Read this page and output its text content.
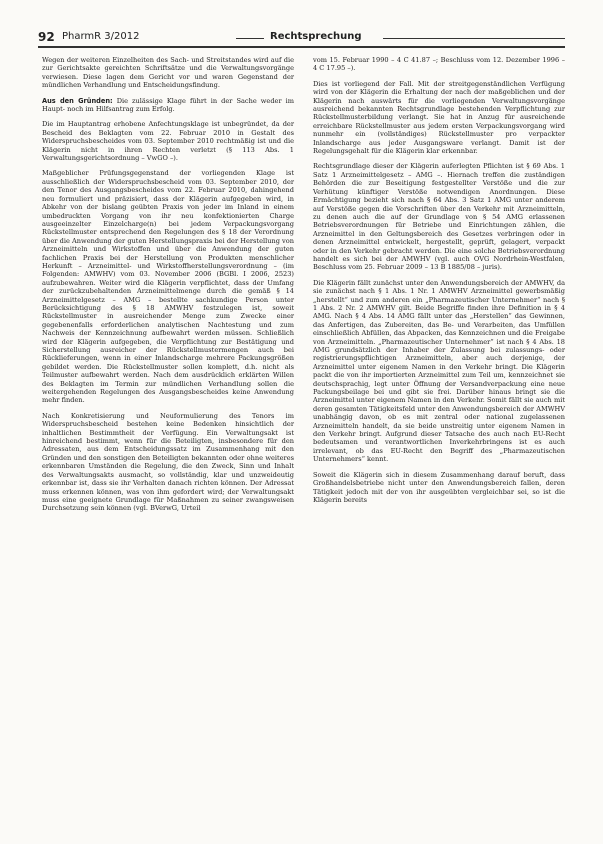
92 PharmR 3/2012	Rechtsprechung

Wegen der weiteren Einzelheiten des Sach- und Streitstandes wird auf die zur Gerichtsakte gereichten Schriftsätze und die Verwaltungsvorgänge verwiesen. Diese lagen dem Gericht vor und waren Gegenstand der mündlichen Verhandlung und Entscheidungsfindung.

Aus den Gründen: Die zulässige Klage führt in der Sache weder im Haupt- noch im Hilfsantrag zum Erfolg.

Die im Hauptantrag erhobene Anfechtungsklage ist unbegründet, da der Bescheid des Beklagten vom 22. Februar 2010 in Gestalt des Widerspruchsbescheides vom 03. September 2010 rechtmäßig ist und die Klägerin nicht in ihren Rechten verletzt (§ 113 Abs. 1 Verwaltungsgerichtsordnung – VwGO –).

Maßgeblicher Prüfungsgegenstand der vorliegenden Klage ist ausschließlich der Widerspruchsbescheid vom 03. September 2010, der den Tenor des Ausgangsbescheides vom 22. Februar 2010, dahingehend neu formuliert und präzisiert, dass der Klägerin aufgegeben wird, in Abkehr von der bislang geübten Praxis von jeder im Inland in einem umbedruckten Vorgang von ihr neu konfektionierten Charge ausgeeinzelter Einzelcharge(n) bei jedem Verpackungsvorgang Rückstellmuster entsprechend den Regelungen des § 18 der Verordnung über die Anwendung der guten Herstellungspraxis bei der Herstellung von Arzneimitteln und Wirkstoffen und über die Anwendung der guten fachlichen Praxis bei der Herstellung von Produkten menschlicher Herkunft – Arzneimittel- und Wirkstoffherstellungsverordnung – (im Folgenden: AMWHV) vom 03. November 2006 (BGBl. I 2006, 2523) aufzubewahren. Weiter wird die Klägerin verpflichtet, dass der Umfang der zurückzubehaltenden Arzneimittelmenge durch die gemäß § 14 Arzneimittelgesetz – AMG – bestellte sachkundige Person unter Berücksichtigung des § 18 AMWHV festzulegen ist, soweit Rückstellmuster in ausreichender Menge zum Zwecke einer gegebenenfalls erforderlichen analytischen Nachtestung und zum Nachweis der Kennzeichnung aufbewahrt werden müssen. Schließlich wird der Klägerin aufgegeben, die Verpflichtung zur Bestätigung und Sicherstellung ausreicher der Rückstellmustermengen auch bei Rücklieferungen, wenn in einer Inlandscharge mehrere Packungsgrößen gebildet werden. Die Rückstellmuster sollen komplett, d.h. nicht als Teilmuster aufbewahrt werden. Nach dem ausdrücklich erklärten Willen des Beklagten im Termin zur mündlichen Verhandlung sollen die weitergehenden Regelungen des Ausgangsbescheides keine Anwendung mehr finden.

Nach Konkretisierung und Neuformulierung des Tenors im Widerspruchsbescheid bestehen keine Bedenken hinsichtlich der inhaltlichen Bestimmtheit der Verfügung. Ein Verwaltungsakt ist hinreichend bestimmt, wenn für die Beteiligten, insbesondere für den Adressaten, aus dem Entscheidungssatz im Zusammenhang mit den Gründen und den sonstigen den Beteiligten bekannten oder ohne weiteres erkennbaren Umständen die Regelung, die den Zweck, Sinn und Inhalt des Verwaltungsakts ausmacht, so vollständig, klar und unzweideutig erkennbar ist, dass sie ihr Verhalten danach richten können. Der Adressat muss erkennen können, was von ihm gefordert wird; der Verwaltungsakt muss eine geeignete Grundlage für Maßnahmen zu seiner zwangsweisen Durchsetzung sein können (vgl. BVerwG, Urteil

vom 15. Februar 1990 – 4 C 41.87 –; Beschluss vom 12. Dezember 1996 – 4 C 17.95 –).

Dies ist vorliegend der Fall. Mit der streitgegenständlichen Verfügung wird von der Klägerin die Erhaltung der nach der maßgeblichen und der Klägerin nach auswärts für die vorliegenden Verwaltungsvorgänge ausreichend bekannten Rechtsgrundlage bestehenden Verpflichtung zur Rückstellmusterbildung verlangt. Sie hat in Anzug für ausreichende erreichbare Rückstellmuster aus jedem ersten Verpackungsvorgang wird nunmehr ein (vollständiges) Rückstellmuster pro verpackter Inlandscharge aus jeder Ausgangsware verlangt. Damit ist der Regelungsgehalt für die Klägerin klar erkennbar.

Rechtsgrundlage dieser der Klägerin auferlegten Pflichten ist § 69 Abs. 1 Satz 1 Arzneimittelgesetz – AMG –. Hiernach treffen die zuständigen Behörden die zur Beseitigung festgestellter Verstöße und die zur Verhütung künftiger Verstöße notwendigen Anordnungen. Diese Ermächtigung bezieht sich nach § 64 Abs. 3 Satz 1 AMG unter anderem auf Verstöße gegen die Vorschriften über den Verkehr mit Arzneimitteln, zu denen auch die auf der Grundlage von § 54 AMG erlassenen Betriebsverordnungen für Betriebe und Einrichtungen zählen, die Arzneimittel in den Geltungsbereich des Gesetzes verbringen oder in denen Arzneimittel entwickelt, hergestellt, geprüft, gelagert, verpackt oder in den Verkehr gebracht werden. Die eine solche Betriebsverordnung handelt es sich bei der AMWHV (vgl. auch OVG Nordrhein-Westfalen, Beschluss vom 25. Februar 2009 – 13 B 1885/08 – juris).

Die Klägerin fällt zunächst unter den Anwendungsbereich der AMWHV, da sie zunächst nach § 1 Abs. 1 Nr. 1 AMWHV Arzneimittel gewerbsmäßig „herstellt“ und zum anderen ein „Pharmazeutischer Unternehmer“ nach § 1 Abs. 2 Nr. 2 AMWHV gilt. Beide Begriffe finden ihre Definition in § 4 AMG. Nach § 4 Abs. 14 AMG fällt unter das „Herstellen“ das Gewinnen, das Anfertigen, das Zubereiten, das Be- und Verarbeiten, das Umfüllen einschließlich Abfüllen, das Abpacken, das Kennzeichnen und die Freigabe von Arzneimitteln. „Pharmazeutischer Unternehmer“ ist nach § 4 Abs. 18 AMG grundsätzlich der Inhaber der Zulassung bei zulassungs- oder registrierungspflichtigen Arzneimitteln, aber auch derjenige, der Arzneimittel unter eigenem Namen in den Verkehr bringt. Die Klägerin packt die von ihr importierten Arzneimittel zum Teil um, kennzeichnet sie deutschsprachig, legt unter Öffnung der Versandverpackung eine neue Packungsbeilage bei und gibt sie frei. Darüber hinaus bringt sie die Arzneimittel unter eigenem Namen in den Verkehr. Somit fällt sie auch mit deren gesamten Tätigkeitsfeld unter den Anwendungsbereich der AMWHV unabhängig davon, ob es mit zentral oder national zugelassenen Arzneimitteln handelt, da sie beide unstreitig unter eigenem Namen in den Verkehr bringt. Aufgrund dieser Tatsache des auch nach EU-Recht bedeutsamen und verantwortlichen Inverkehrbringens ist es auch irrelevant, ob das EU-Recht den Begriff des „Pharmazeutischen Unternehmers“ kennt.

Soweit die Klägerin sich in diesem Zusammenhang darauf beruft, dass Großhandelsbetriebe nicht unter den Anwendungsbereich fallen, deren Tätigkeit jedoch mit der von ihr ausgeübten vergleichbar sei, so ist die Klägerin bereits
